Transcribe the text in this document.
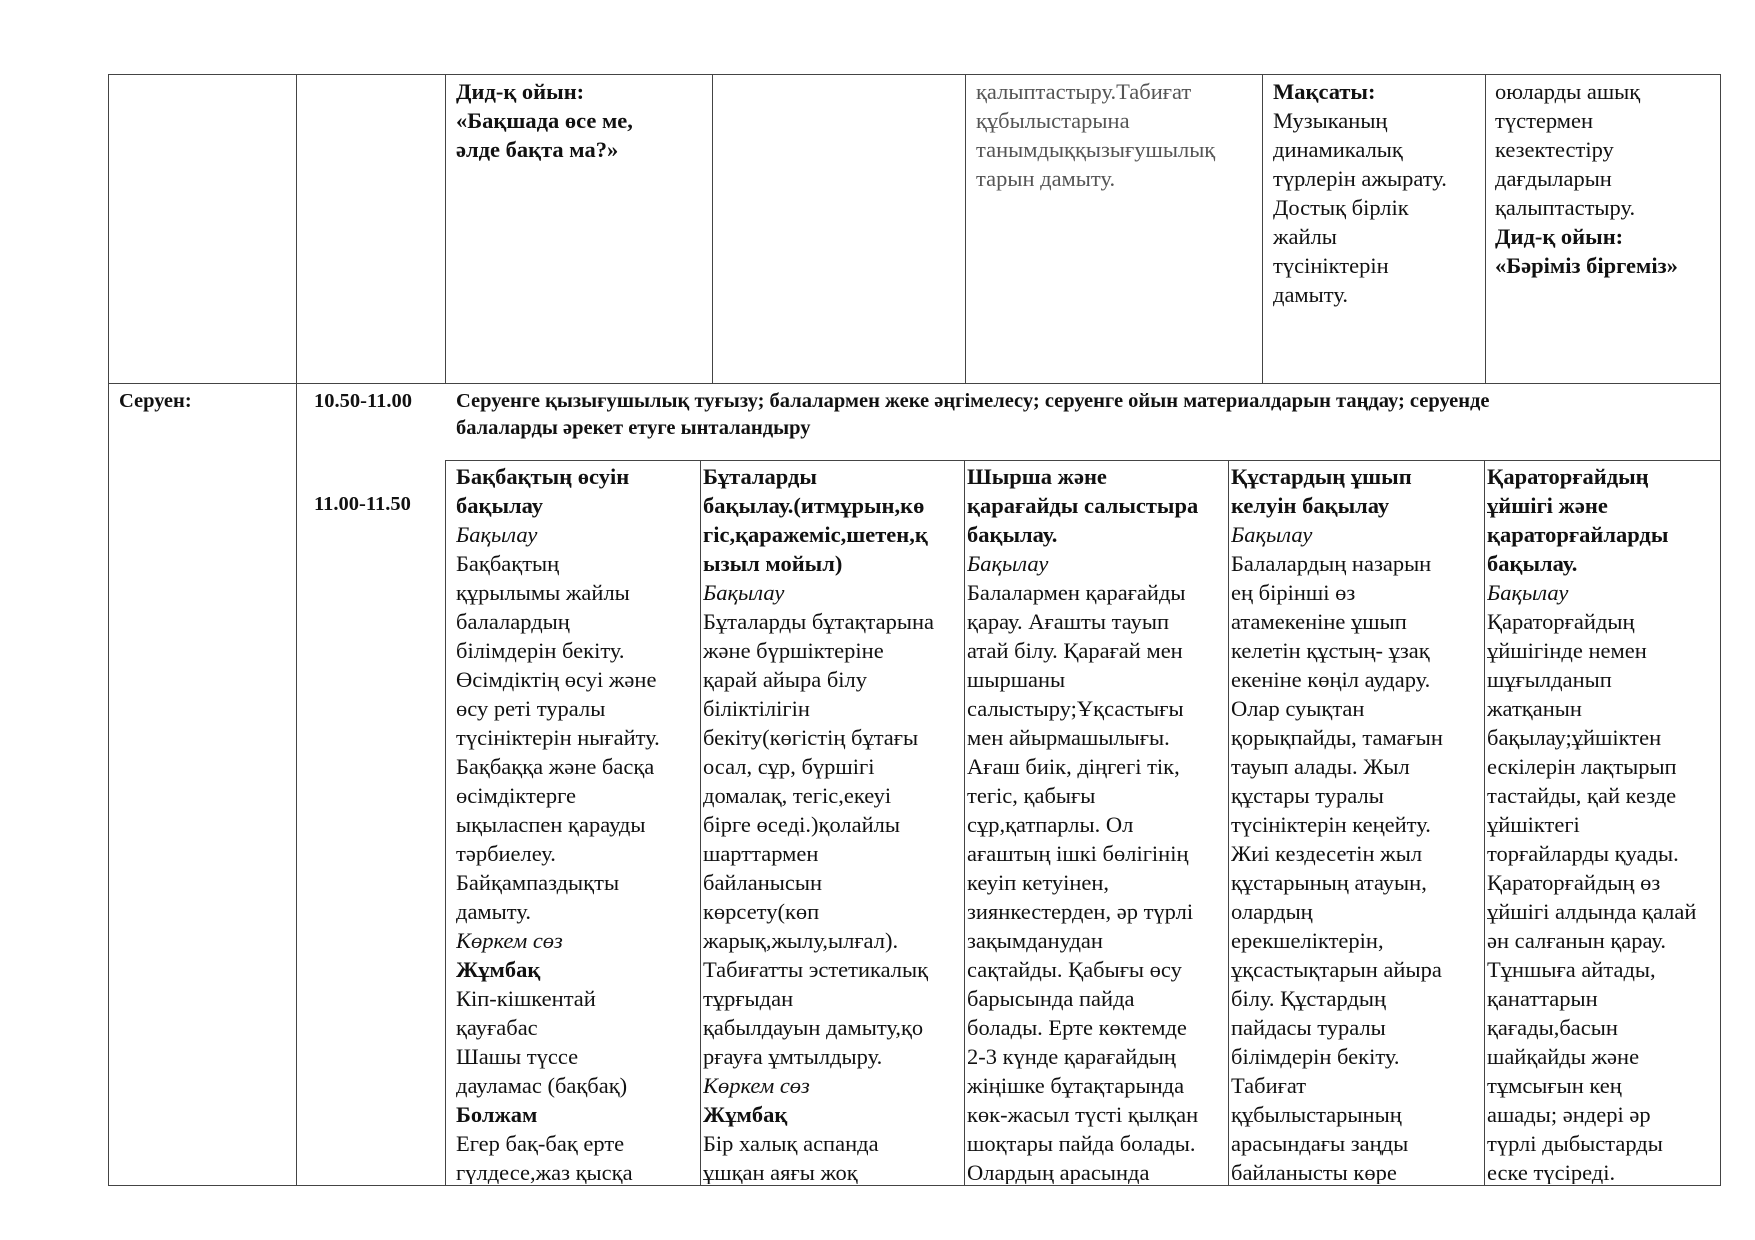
Дид-қ ойын:

«Бақшада өсе ме,

әлде бақта ма?»

қалыптастыру.Табиғат

құбылыстарына

танымдыққызығушылық

тарын дамыту.

Мақсаты:

Музыканың

динамикалық

түрлерін ажырату.

Достық бірлік

жайлы

түсініктерін

дамыту.

оюларды ашық

түстермен

кезектестіру

дағдыларын

қалыптастыру.

Дид-қ ойын:

«Бәріміз біргеміз»

Серуен:	10.50-11.00
11.00-11.50

Серуенге қызығушылық туғызу; балалармен жеке әңгімелесу; серуенге ойын материалдарын таңдау; серуенде

балаларды әрекет етуге ынталандыру

Бақбақтың өсуін

бақылау

Бақылау

Бақбақтың

құрылымы жайлы

балалардың

білімдерін бекіту.

Өсімдіктің өсуі және

өсу реті туралы

түсініктерін нығайту.

Бақбаққа және басқа

өсімдіктерге

ықыласпен қарауды

тәрбиелеу.

Байқампаздықты

дамыту.

Көркем сөз

Жұмбақ

Кіп-кішкентай

қауғабас

Шашы түссе

дауламас (бақбақ)

Болжам

Егер бақ-бақ ерте

гүлдесе,жаз қысқа

Бұталарды

бақылау.(итмұрын,кө

гіс,қаражеміс,шетен,қ

ызыл мойыл)

Бақылау

Бұталарды бұтақтарына

және бүршіктеріне

қарай айыра білу

біліктілігін

бекіту(көгістің бұтағы

осал, сұр, бүршігі

домалақ, тегіс,екеуі

бірге өседі.)қолайлы

шарттармен

байланысын

көрсету(көп

жарық,жылу,ылғал).

Табиғатты эстетикалық

тұрғыдан

қабылдауын дамыту,қо

рғауға ұмтылдыру.

Көркем сөз

Жұмбақ

Бір халық аспанда

ұшқан аяғы жоқ

Шырша және

қарағайды салыстыра

бақылау.

Бақылау

Балалармен қарағайды

қарау. Ағашты тауып

атай білу. Қарағай мен

шыршаны

салыстыру;Ұқсастығы

мен айырмашылығы.

Ағаш биік, діңгегі тік,

тегіс, қабығы

сұр,қатпарлы. Ол

ағаштың ішкі бөлігінің

кеуіп кетуінен,

зиянкестерден, әр түрлі

зақымданудан

сақтайды. Қабығы өсу

барысында пайда

болады. Ерте көктемде

2-3 күнде қарағайдың

жіңішке бұтақтарында

көк-жасыл түсті қылқан

шоқтары пайда болады.

Олардың арасында

Құстардың ұшып

келуін бақылау

Бақылау

Балалардың назарын

ең бірінші өз

атамекеніне ұшып

келетін құстың- ұзақ

екеніне көңіл аудару.

Олар суықтан

қорықпайды, тамағын

тауып алады. Жыл

құстары туралы

түсініктерін кеңейту.

Жиі кездесетін жыл

құстарының атауын,

олардың

ерекшеліктерін,

ұқсастықтарын айыра

білу. Құстардың

пайдасы туралы

білімдерін бекіту.

Табиғат

құбылыстарының

арасындағы заңды

байланысты көре

Қараторғайдың

ұйшігі және

қараторғайларды

бақылау.

Бақылау

Қараторғайдың

ұйшігінде немен

шұғылданып

жатқанын

бақылау;ұйшіктен

ескілерін лақтырып

тастайды, қай кезде

ұйшіктегі

торғайларды қуады.

Қараторғайдың өз

ұйшігі алдында қалай

ән салғанын қарау.

Тұншыға айтады,

қанаттарын

қағады,басын

шайқайды және

тұмсығын кең

ашады; әндері әр

түрлі дыбыстарды

еске түсіреді.
